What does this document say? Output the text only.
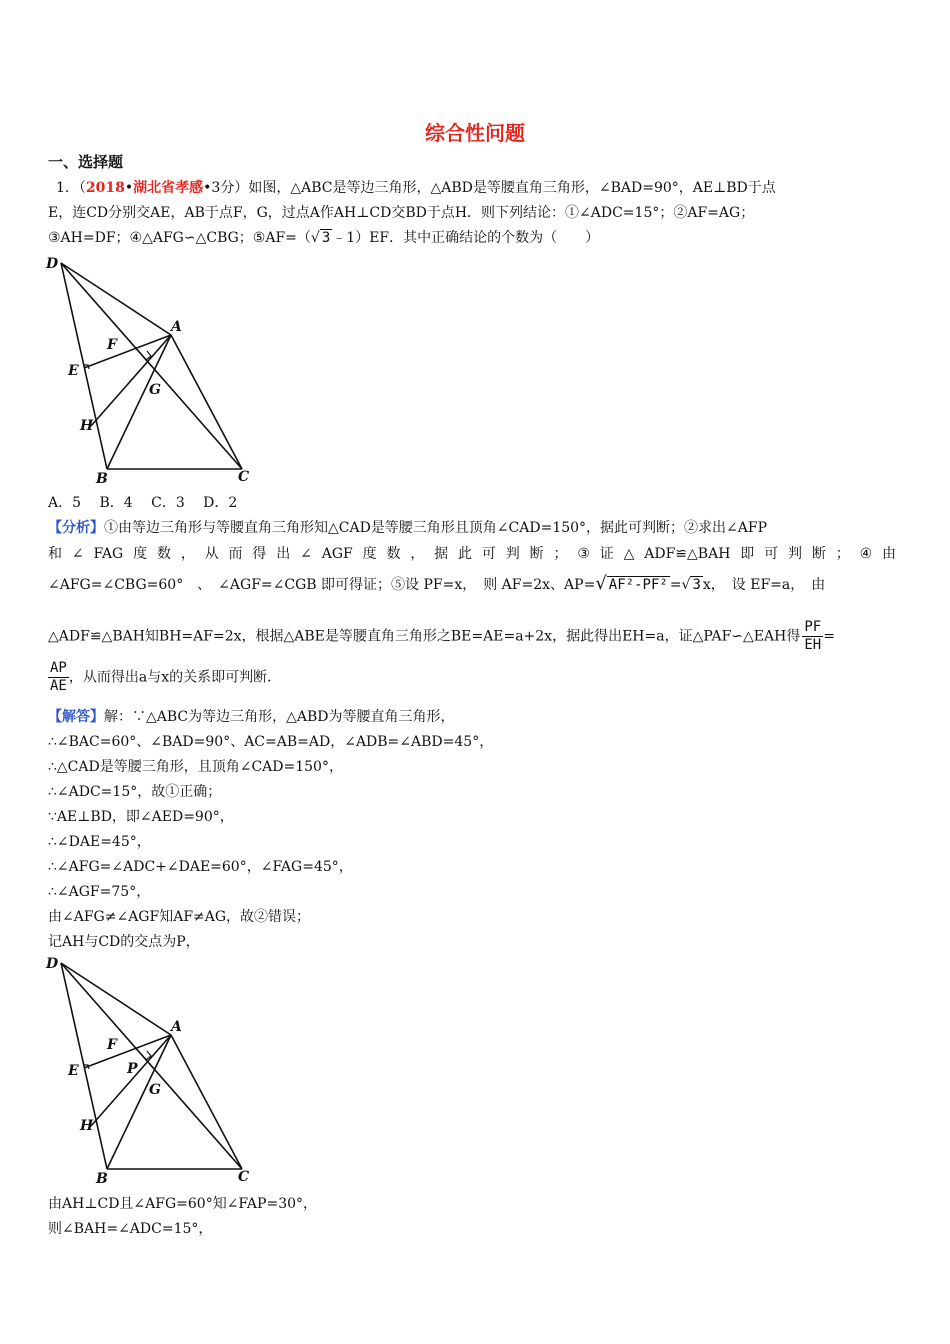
综合性问题
一、选择题
1．（2018•湖北省孝感•3分）如图，△ABC是等边三角形，△ABD是等腰直角三角形，∠BAD=90°，AE⊥BD于点
E，连CD分别交AE，AB于点F，G，过点A作AH⊥CD交BD于点H．则下列结论：①∠ADC=15°；②AF=AG；
③AH=DF；④△AFG∽△CBG；⑤AF=（√ 3 ﹣1）EF．其中正确结论的个数为（　　）
D
A
F
E
G
H
B	C
A．5　 B．4　 C．3　 D．2
【分析】①由等边三角形与等腰直角三角形知△CAD是等腰三角形且顶角∠CAD=150°，据此可判断；②求出∠AFP
和 ∠ FAG 度 数 ， 从 而 得 出 ∠ AGF 度 数 ， 据 此 可 判 断 ； ③ 证 △ ADF≌△BAH 即 可 判 断 ； ④ 由
∠AFG=∠CBG=60°　、　∠AGF=∠CGB 即可得证；⑤设 PF=x，　则 AF=2x、AP=√ AF²-PF² =√ 3 x，　设 EF=a，　由
△ADF≌△BAH知BH=AF=2x，根据△ABE是等腰直角三角形之BE=AE=a+2x，据此得出EH=a，证△PAF∽△EAH得 $\frac{PF}{EH}$ =
$\frac{AP}{AE}$ ，从而得出a与x的关系即可判断．
【解答】解：∵△ABC为等边三角形，△ABD为等腰直角三角形，
∴∠BAC=60°、∠BAD=90°、AC=AB=AD，∠ADB=∠ABD=45°，
∴△CAD是等腰三角形，且顶角∠CAD=150°，
∴∠ADC=15°，故①正确；
∵AE⊥BD，即∠AED=90°，
∴∠DAE=45°，
∴∠AFG=∠ADC+∠DAE=60°，∠FAG=45°，
∴∠AGF=75°，
由∠AFG≠∠AGF知AF≠AG，故②错误；
记AH与CD的交点为P，
D
A
F
E	P
G
H
B	C
由AH⊥CD且∠AFG=60°知∠FAP=30°，
则∠BAH=∠ADC=15°，
